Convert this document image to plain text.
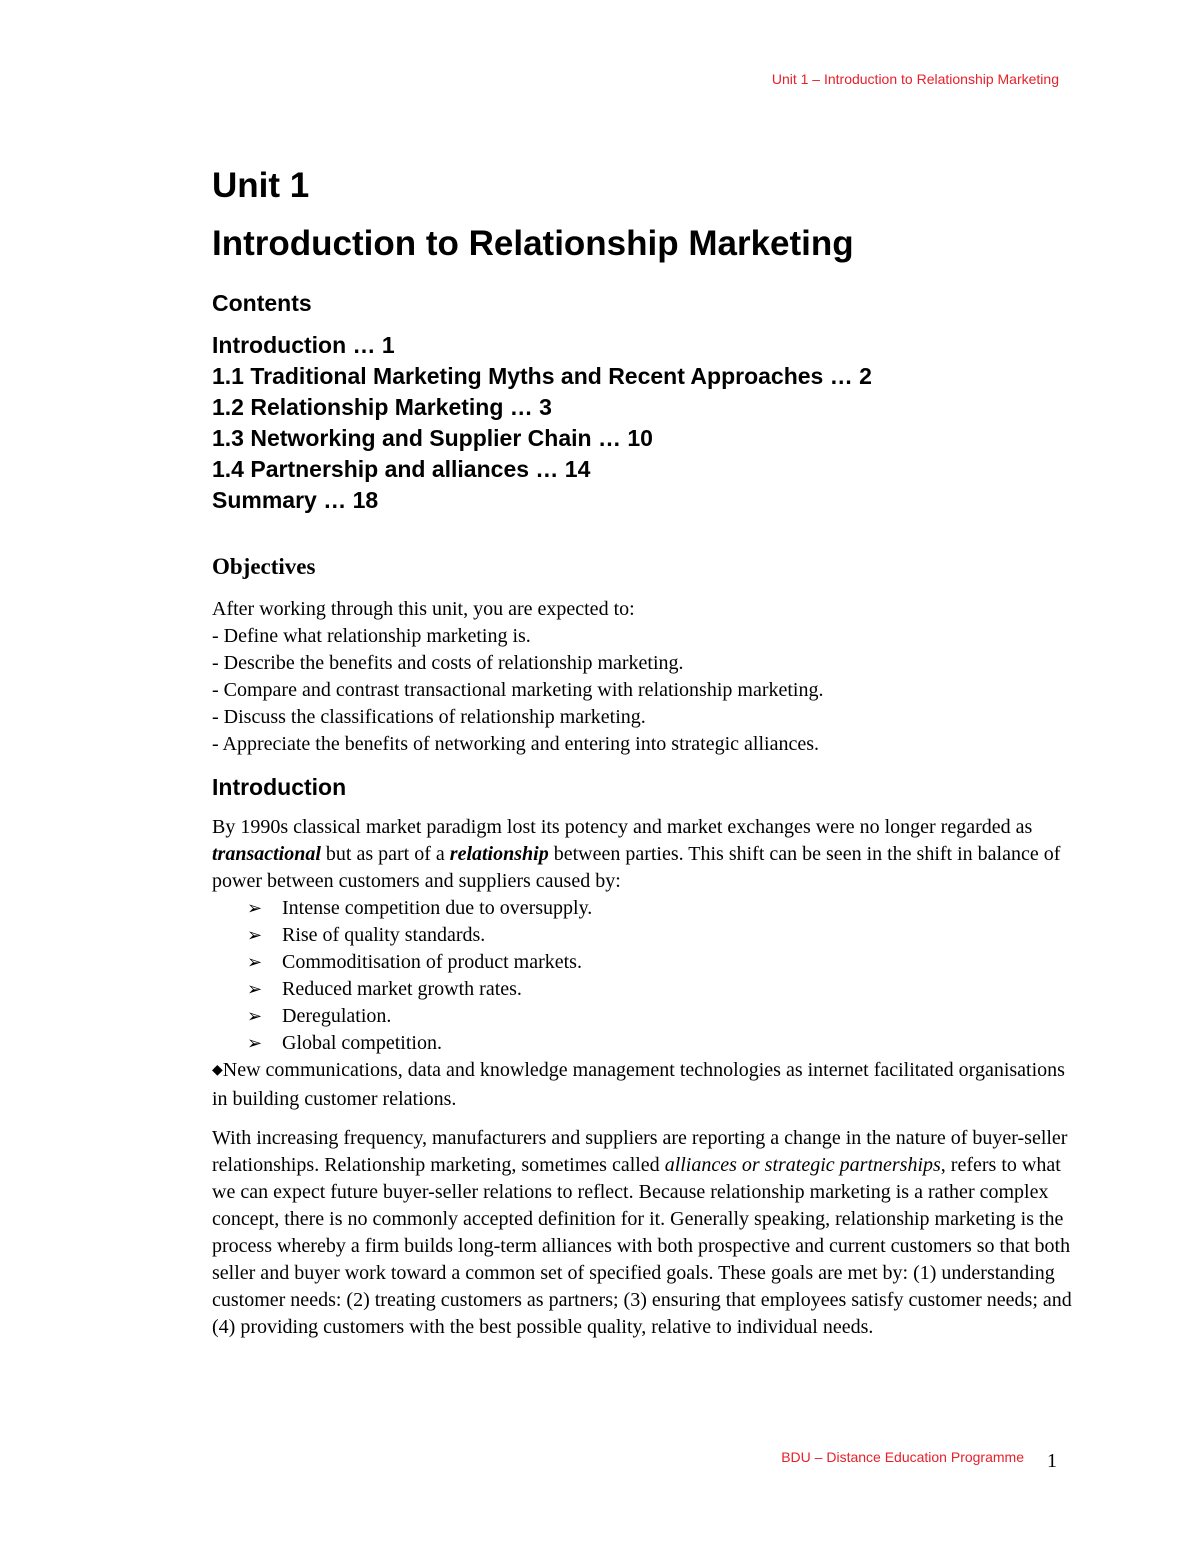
Unit 1 – Introduction to Relationship Marketing
Unit 1
Introduction to Relationship Marketing
Contents
Introduction … 1
1.1 Traditional Marketing Myths and Recent Approaches … 2
1.2 Relationship Marketing … 3
1.3 Networking and Supplier Chain … 10
1.4 Partnership and alliances … 14
Summary … 18
Objectives
After working through this unit, you are expected to:
- Define what relationship marketing is.
- Describe the benefits and costs of relationship marketing.
- Compare and contrast transactional marketing with relationship marketing.
- Discuss the classifications of relationship marketing.
- Appreciate the benefits of networking and entering into strategic alliances.
Introduction

By 1990s classical market paradigm lost its potency and market exchanges were no longer regarded as transactional but as part of a relationship between parties. This shift can be seen in the shift in balance of power between customers and suppliers caused by:

➢ Intense competition due to oversupply.
➢ Rise of quality standards.
➢ Commoditisation of product markets.
➢ Reduced market growth rates.
➢ Deregulation.
➢ Global competition.
◆New communications, data and knowledge management technologies as internet facilitated organisations in building customer relations.

With increasing frequency, manufacturers and suppliers are reporting a change in the nature of buyer-seller relationships. Relationship marketing, sometimes called alliances or strategic partnerships, refers to what we can expect future buyer-seller relations to reflect. Because relationship marketing is a rather complex concept, there is no commonly accepted definition for it. Generally speaking, relationship marketing is the process whereby a firm builds long-term alliances with both prospective and current customers so that both seller and buyer work toward a common set of specified goals. These goals are met by: (1) understanding customer needs: (2) treating customers as partners; (3) ensuring that employees satisfy customer needs; and (4) providing customers with the best possible quality, relative to individual needs.

BDU – Distance Education Programme 1
